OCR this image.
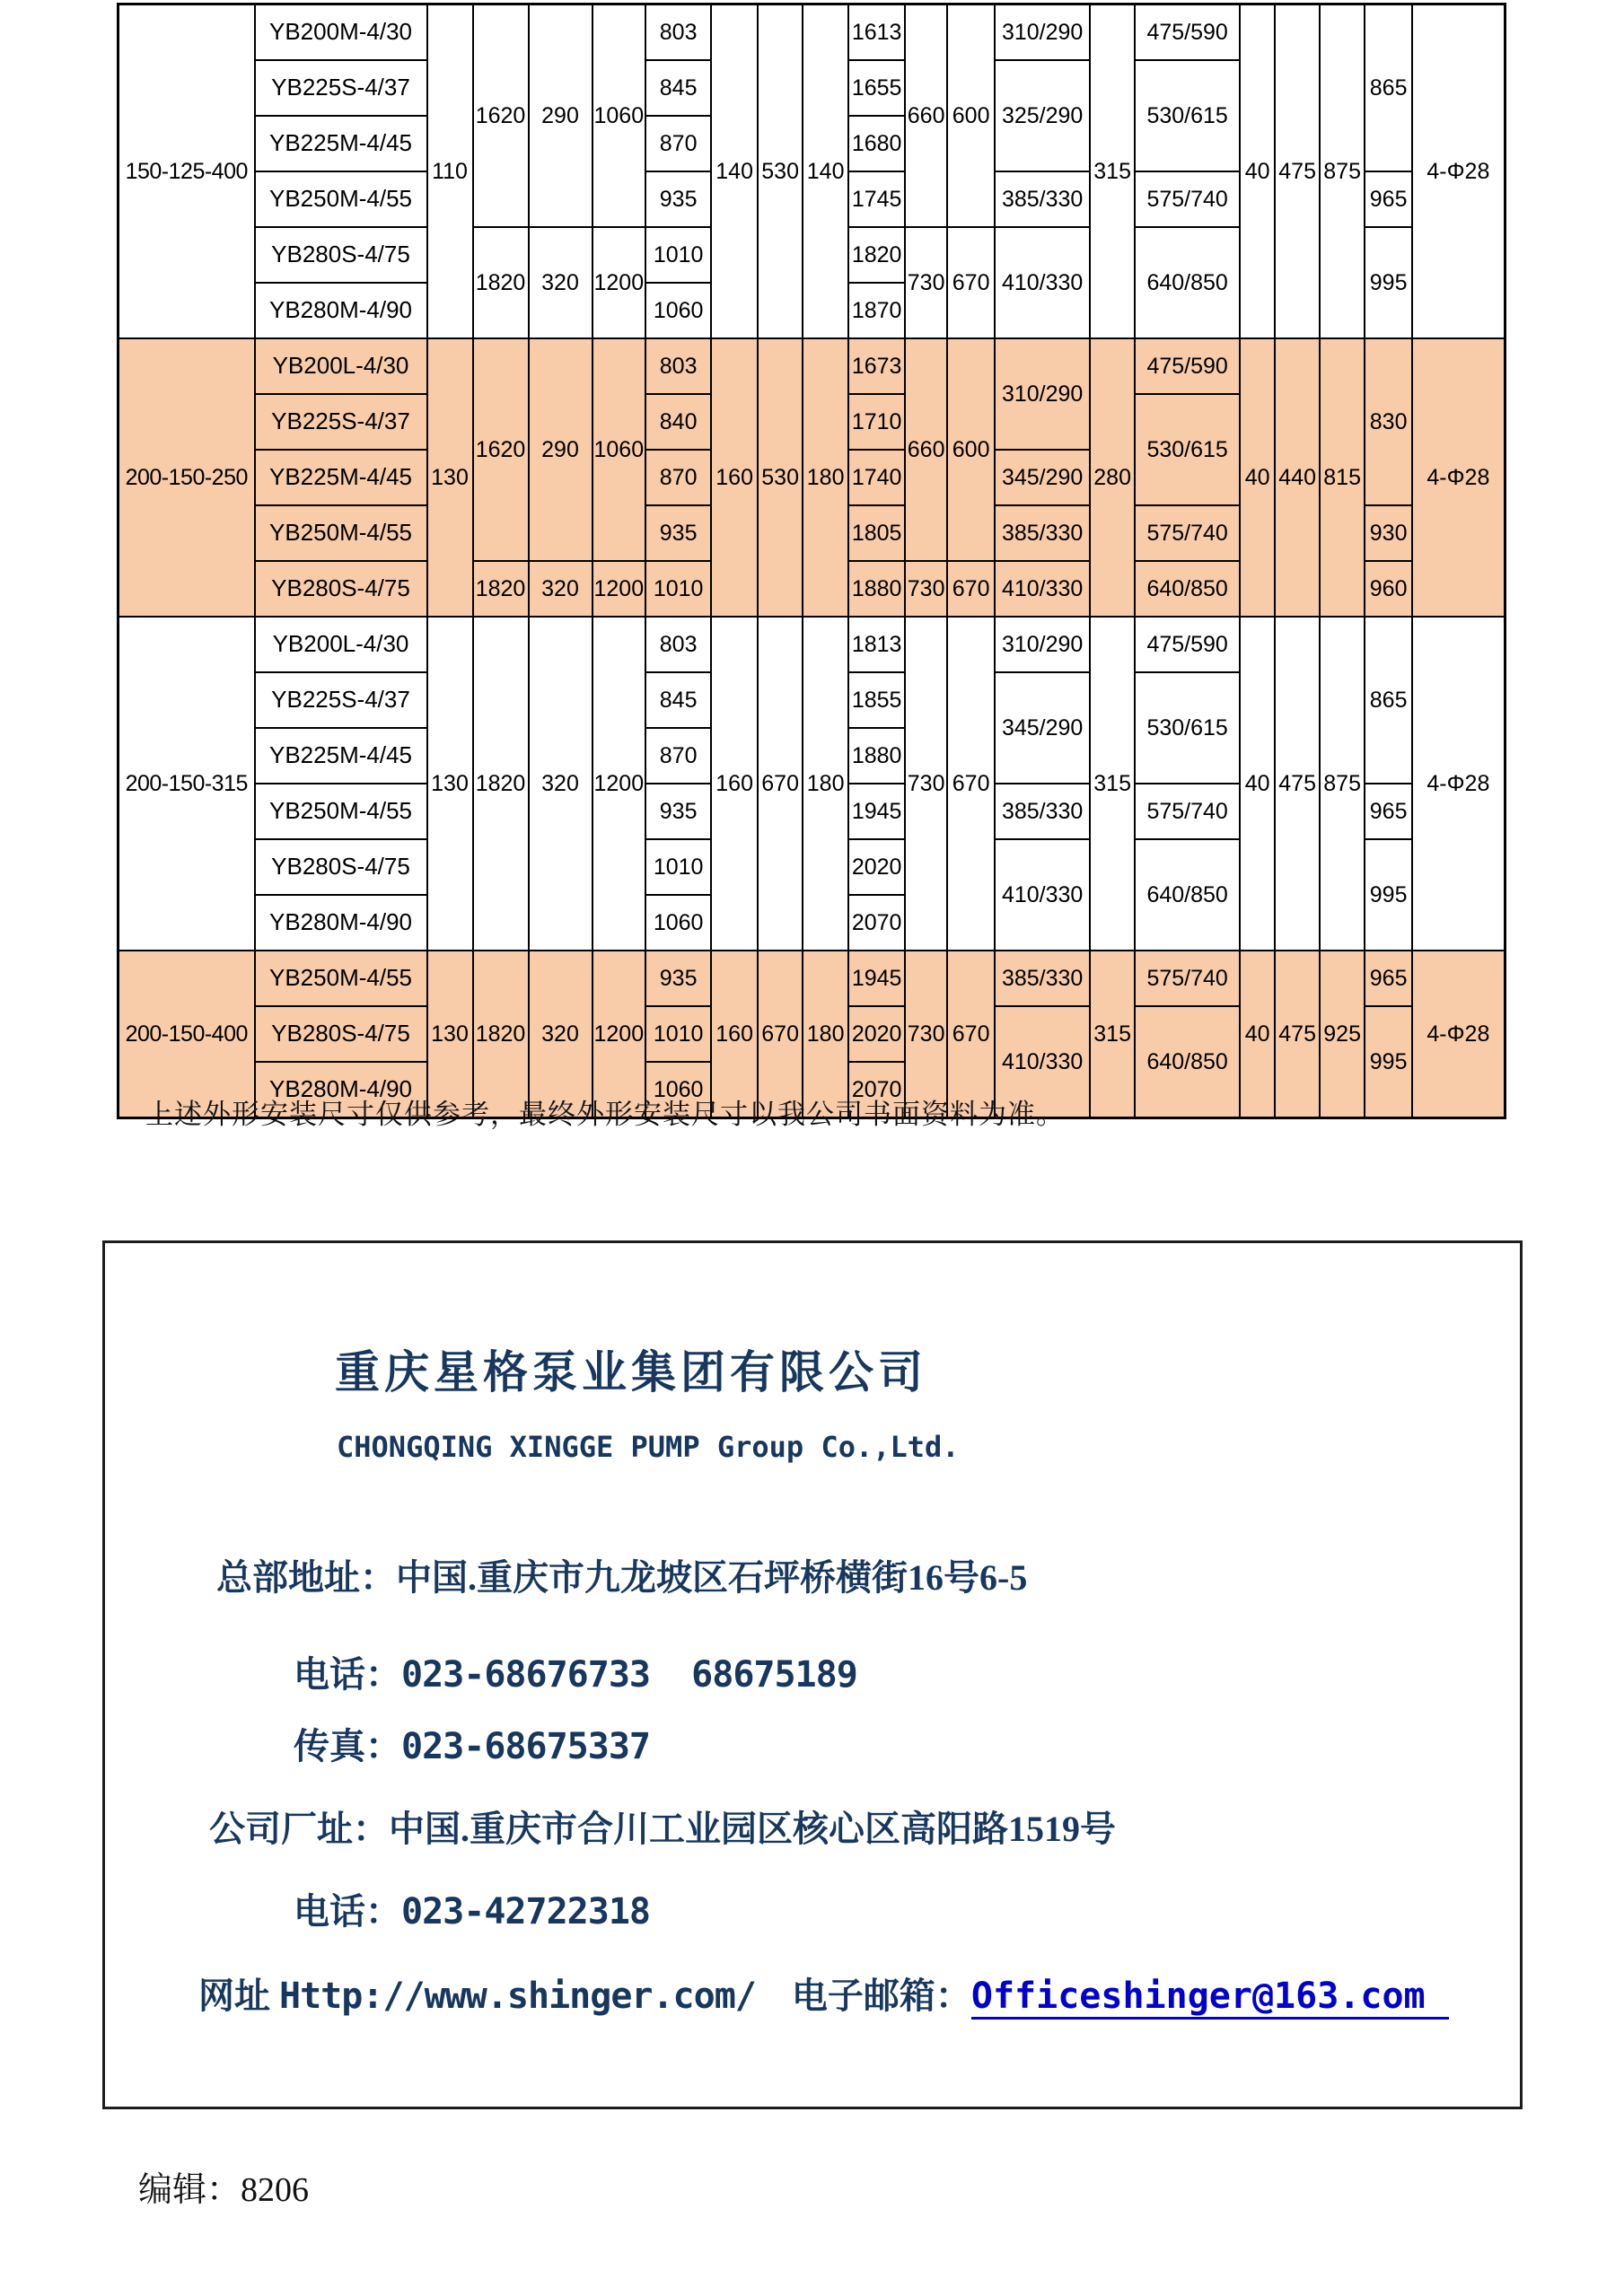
150-125-400	YB200M-4/30	110	1620	290	1060	803	140	530	140	1613	660	600	310/290	315	475/590	40	475	875	865	4-Φ28
	YB225S-4/37					845				1655			325/290		530/615					
	YB225M-4/45					870				1680										
	YB250M-4/55					935				1745			385/330		575/740				965	
	YB280S-4/75		1820	320	1200	1010				1820	730	670	410/330		640/850				995	
	YB280M-4/90					1060				1870										
200-150-250	YB200L-4/30	130	1620	290	1060	803	160	530	180	1673	660	600	310/290	280	475/590	40	440	815	830	4-Φ28
	YB225S-4/37					840				1710					530/615					
	YB225M-4/45					870				1740			345/290							
	YB250M-4/55					935				1805			385/330		575/740				930	
	YB280S-4/75		1820	320	1200	1010				1880	730	670	410/330		640/850				960	
200-150-315	YB200L-4/30	130	1820	320	1200	803	160	670	180	1813	730	670	310/290	315	475/590	40	475	875	865	4-Φ28
	YB225S-4/37					845				1855			345/290		530/615					
	YB225M-4/45					870				1880										
	YB250M-4/55					935				1945			385/330		575/740				965	
	YB280S-4/75					1010				2020			410/330		640/850				995	
	YB280M-4/90					1060				2070										
200-150-400	YB250M-4/55	130	1820	320	1200	935	160	670	180	1945	730	670	385/330	315	575/740	40	475	925	965	4-Φ28
	YB280S-4/75					1010				2020			410/330		640/850				995	
	YB280M-4/90					1060				2070										
上述外形安装尺寸仅供参考，最终外形安装尺寸以我公司书面资料为准。
重庆星格泵业集团有限公司
CHONGQING XINGGE PUMP Group Co.,Ltd.

总部地址：中国.重庆市九龙坡区石坪桥横街16号6-5

电话：023-68676733  68675189

传真：023-68675337

公司厂址：中国.重庆市合川工业园区核心区高阳路1519号

电话：023-42722318

网址 Http://www.shinger.com/ 电子邮箱：Officeshinger@163.com

编辑：8206
